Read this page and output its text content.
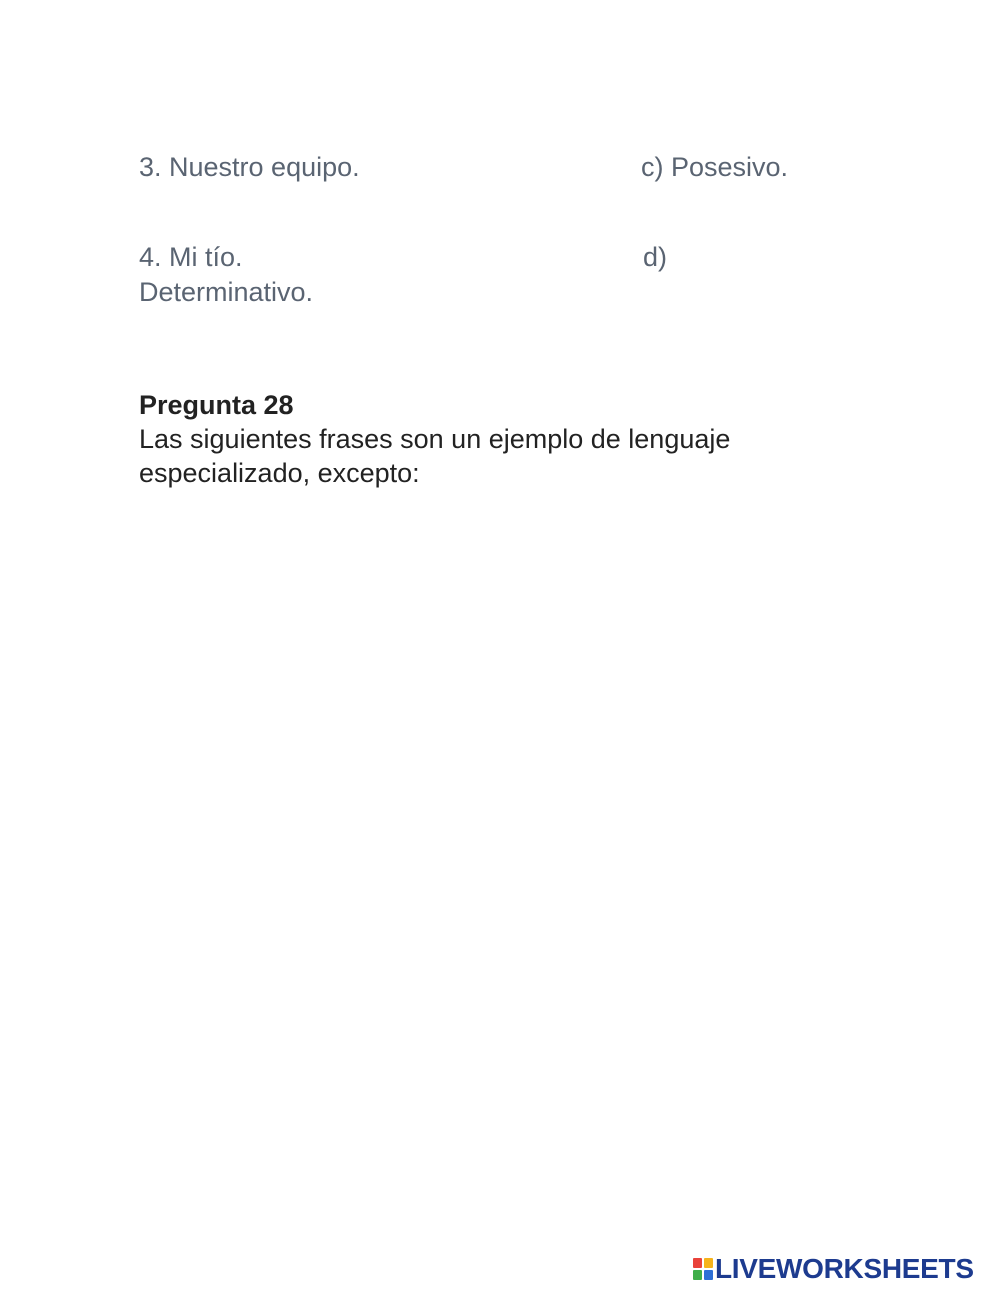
3. Nuestro equipo.	c) Posesivo.
4. Mi tío.	d)
Determinativo.
Pregunta 28
Las siguientes frases son un ejemplo de lenguaje especializado, excepto:
LIVEWORKSHEETS
